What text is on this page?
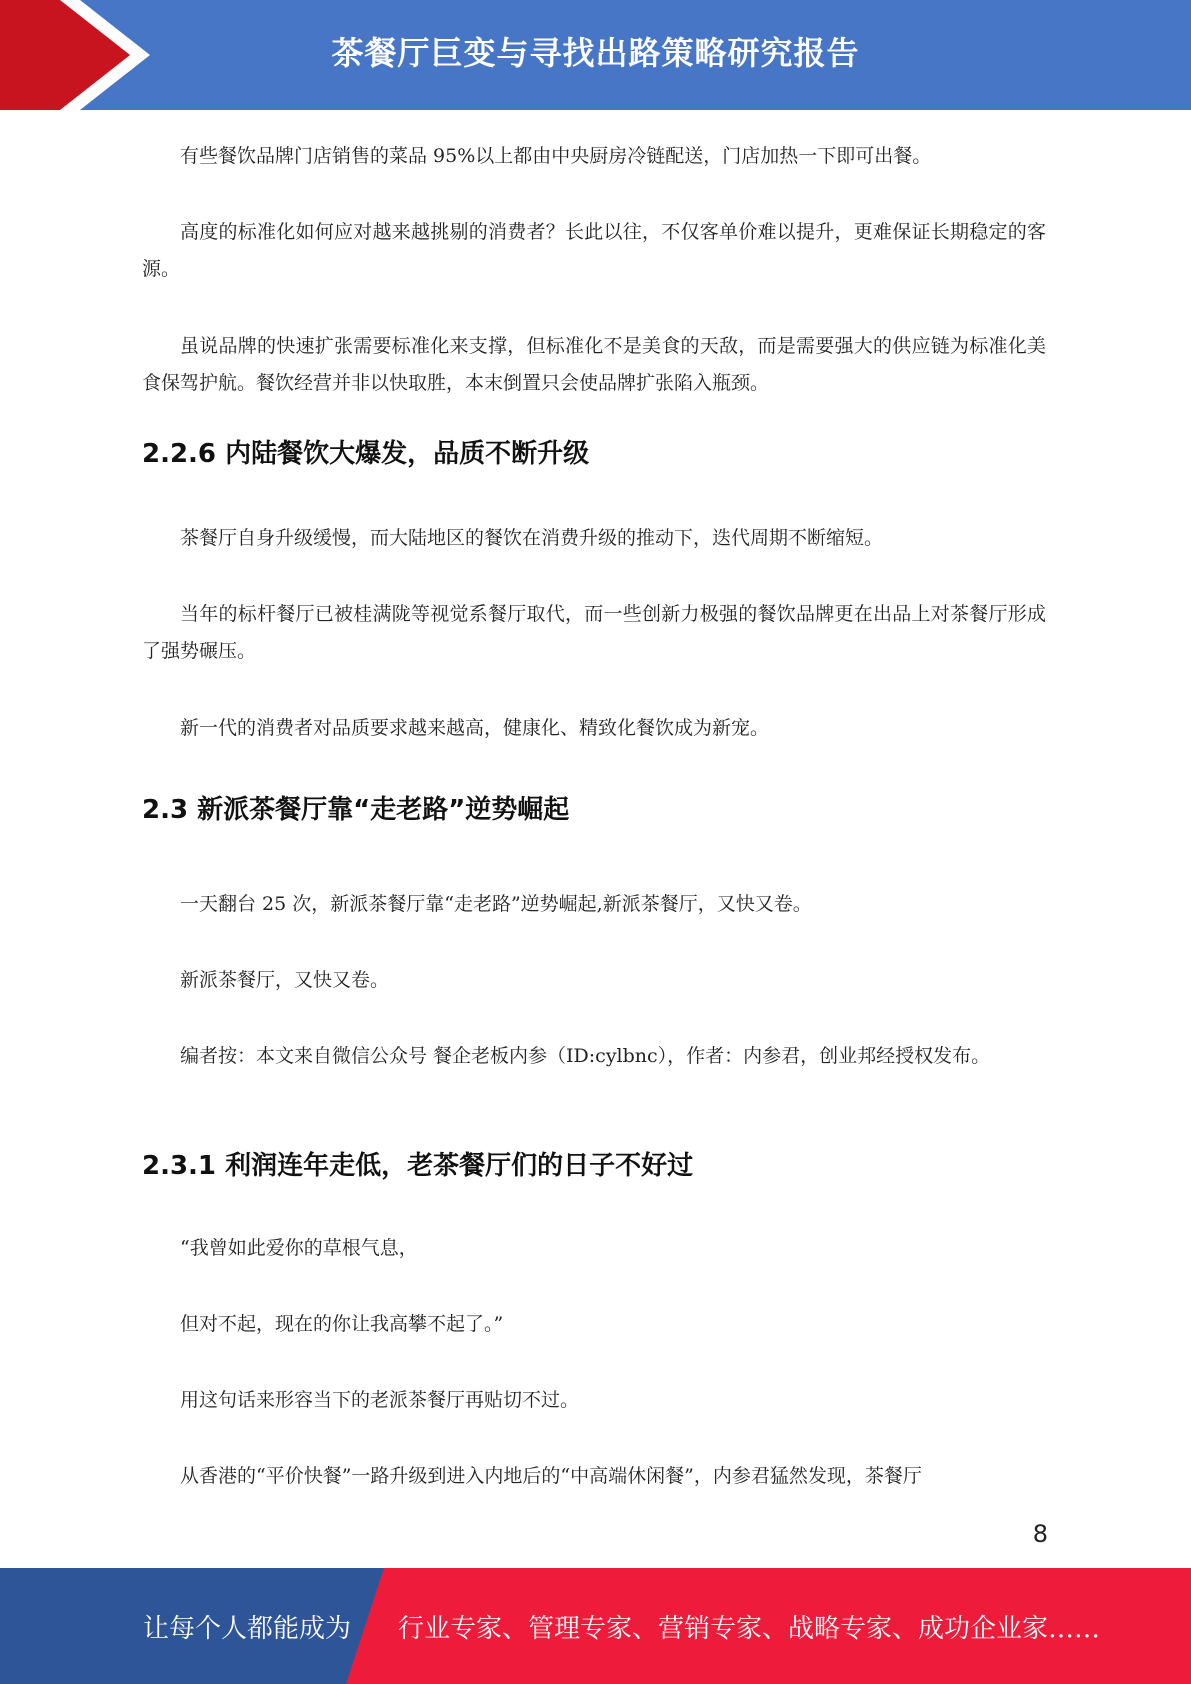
茶餐厅巨变与寻找出路策略研究报告

有些餐饮品牌门店销售的菜品 95%以上都由中央厨房冷链配送，门店加热一下即可出餐。

高度的标准化如何应对越来越挑剔的消费者？长此以往，不仅客单价难以提升，更难保证长期稳定的客源。

虽说品牌的快速扩张需要标准化来支撑，但标准化不是美食的天敌，而是需要强大的供应链为标准化美食保驾护航。餐饮经营并非以快取胜，本末倒置只会使品牌扩张陷入瓶颈。

2.2.6 内陆餐饮大爆发，品质不断升级

茶餐厅自身升级缓慢，而大陆地区的餐饮在消费升级的推动下，迭代周期不断缩短。

当年的标杆餐厅已被桂满陇等视觉系餐厅取代，而一些创新力极强的餐饮品牌更在出品上对茶餐厅形成了强势碾压。

新一代的消费者对品质要求越来越高，健康化、精致化餐饮成为新宠。

2.3 新派茶餐厅靠“走老路”逆势崛起

一天翻台 25 次，新派茶餐厅靠“走老路”逆势崛起,新派茶餐厅，又快又卷。

新派茶餐厅，又快又卷。

编者按：本文来自微信公众号 餐企老板内参（ID:cylbnc），作者：内参君，创业邦经授权发布。

2.3.1 利润连年走低，老茶餐厅们的日子不好过

“我曾如此爱你的草根气息，

但对不起，现在的你让我高攀不起了。”

用这句话来形容当下的老派茶餐厅再贴切不过。

从香港的“平价快餐”一路升级到进入内地后的“中高端休闲餐”，内参君猛然发现，茶餐厅

8
让每个人都能成为 行业专家、管理专家、营销专家、战略专家、成功企业家……
